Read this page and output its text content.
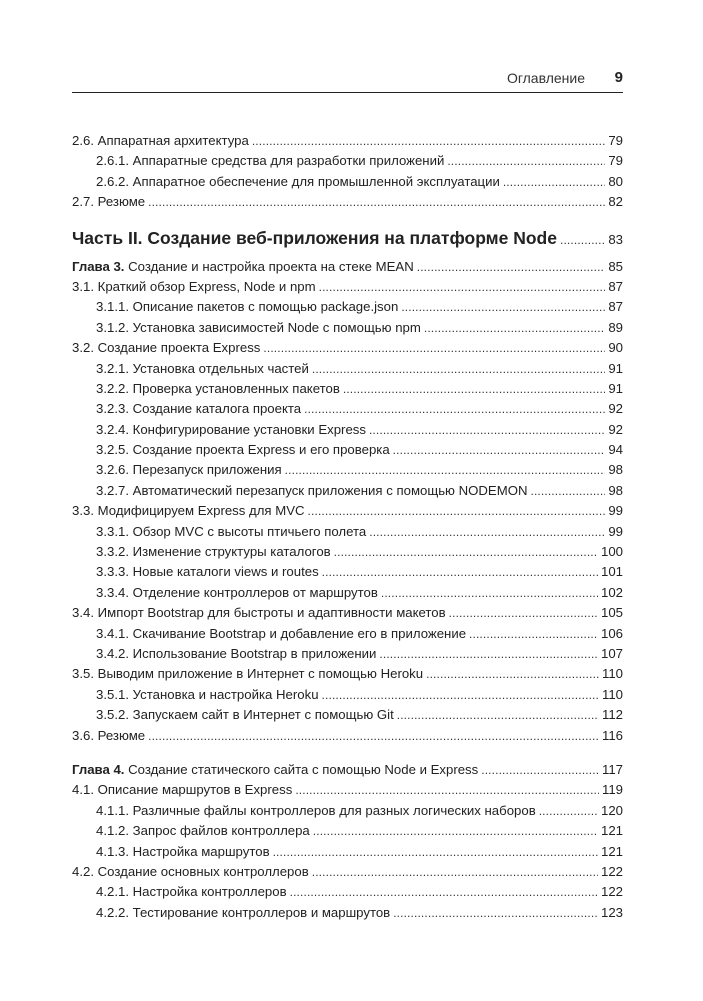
Оглавление 9
2.6. Аппаратная архитектура . . .	79
2.6.1. Аппаратные средства для разработки приложений . . .	79
2.6.2. Аппаратное обеспечение для промышленной эксплуатации . . .	80
2.7. Резюме . . .	82
Часть II. Создание веб-приложения на платформе Node . . .	83
Глава 3. Создание и настройка проекта на стеке MEAN . . .	85
3.1. Краткий обзор Express, Node и npm . . .	87
3.1.1. Описание пакетов с помощью package.json . . .	87
3.1.2. Установка зависимостей Node с помощью npm . . .	89
3.2. Создание проекта Express . . .	90
3.2.1. Установка отдельных частей . . .	91
3.2.2. Проверка установленных пакетов . . .	91
3.2.3. Создание каталога проекта . . .	92
3.2.4. Конфигурирование установки Express . . .	92
3.2.5. Создание проекта Express и его проверка . . .	94
3.2.6. Перезапуск приложения . . .	98
3.2.7. Автоматический перезапуск приложения с помощью NODEMON . . .	98
3.3. Модифицируем Express для MVC . . .	99
3.3.1. Обзор MVC с высоты птичьего полета . . .	99
3.3.2. Изменение структуры каталогов . . .	100
3.3.3. Новые каталоги views и routes . . .	101
3.3.4. Отделение контроллеров от маршрутов . . .	102
3.4. Импорт Bootstrap для быстроты и адаптивности макетов . . .	105
3.4.1. Скачивание Bootstrap и добавление его в приложение . . .	106
3.4.2. Использование Bootstrap в приложении . . .	107
3.5. Выводим приложение в Интернет с помощью Heroku . . .	110
3.5.1. Установка и настройка Heroku . . .	110
3.5.2. Запускаем сайт в Интернет с помощью Git . . .	112
3.6. Резюме . . .	116
Глава 4. Создание статического сайта с помощью Node и Express . . .	117
4.1. Описание маршрутов в Express . . .	119
4.1.1. Различные файлы контроллеров для разных логических наборов . . .	120
4.1.2. Запрос файлов контроллера . . .	121
4.1.3. Настройка маршрутов . . .	121
4.2. Создание основных контроллеров . . .	122
4.2.1. Настройка контроллеров . . .	122
4.2.2. Тестирование контроллеров и маршрутов . . .	123
